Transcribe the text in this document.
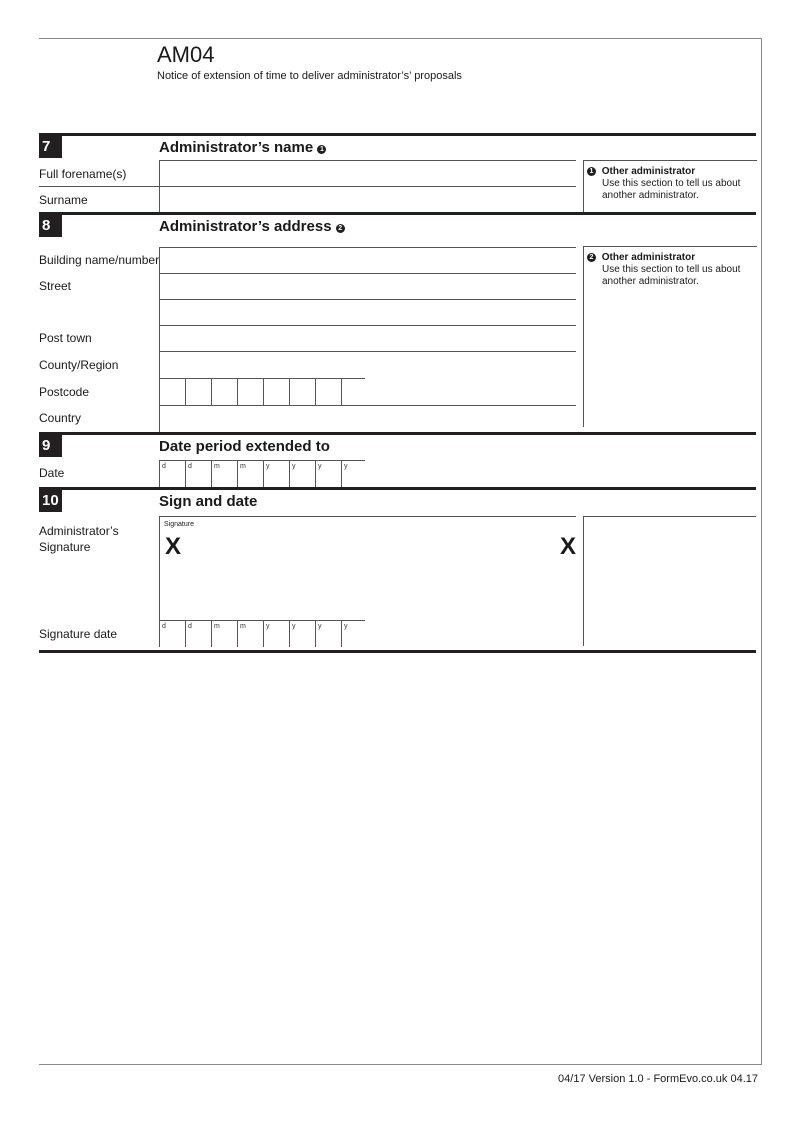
AM04
Notice of extension of time to deliver administrator’s’ proposals
7	Administrator’s name 1
Full forename(s)
Surname
1 Other administrator
Use this section to tell us about
another administrator.
8	Administrator’s address 2
Building name/number
Street
Post town
County/Region
Postcode
Country
2 Other administrator
Use this section to tell us about
another administrator.
9	Date period extended to
Date	d	d	m	m	y	y	y	y
10	Sign and date
Administrator’s
Signature
Signature
X	X
Signature date
d	d	m	m	y	y	y	y
04/17 Version 1.0 - FormEvo.co.uk 04.17
